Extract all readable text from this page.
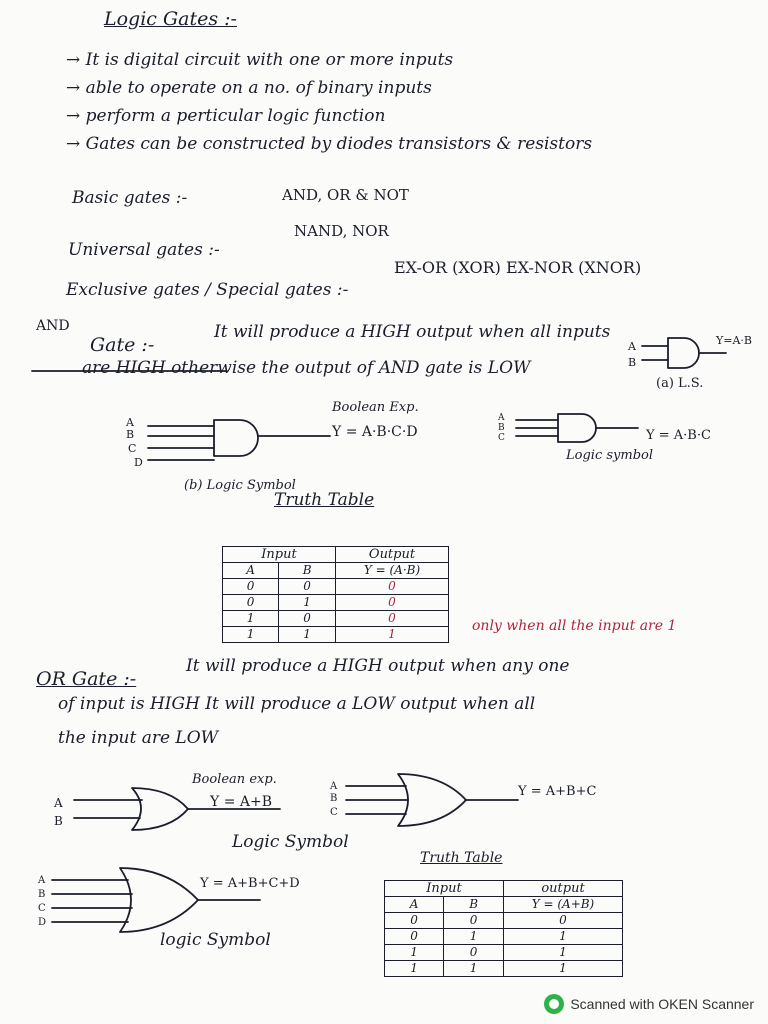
Logic Gates :-
→ It is digital circuit with one or more inputs
→ able to operate on a no. of binary inputs
→ perform a perticular logic function
→ Gates can be constructed by diodes transistors & resistors
Basic gates :-	AND, OR & NOT
Universal gates :-
NAND, NOR
Exclusive gates / Special gates :-
EX-OR (XOR) EX-NOR (XNOR)
AND
Gate :-
It will produce a HIGH output when all inputs
are HIGH otherwise the output of AND gate is LOW
A
B
Y=A·B
(a) L.S.
Boolean Exp.
A
B
C
D
Y = A·B·C·D
(b) Logic Symbol
A
B
C	Y = A·B·C
Logic symbol
Truth Table
Input		Output
A	B	Y = (A·B)
0	0	0
0	1	0
1	0	0
1	1	1	only when all the input are 1
OR Gate :-
It will produce a HIGH output when any one
of input is HIGH It will produce a LOW output when all
the input are LOW
Boolean exp.
A
B
Y = A+B
A
B
C
Y = A+B+C
Logic Symbol
A
B
C
D
Y = A+B+C+D
logic Symbol
Truth Table
Input		output
A	B	Y = (A+B)
0	0	0
0	1	1
1	0	1
1	1	1
Scanned with OKEN Scanner
